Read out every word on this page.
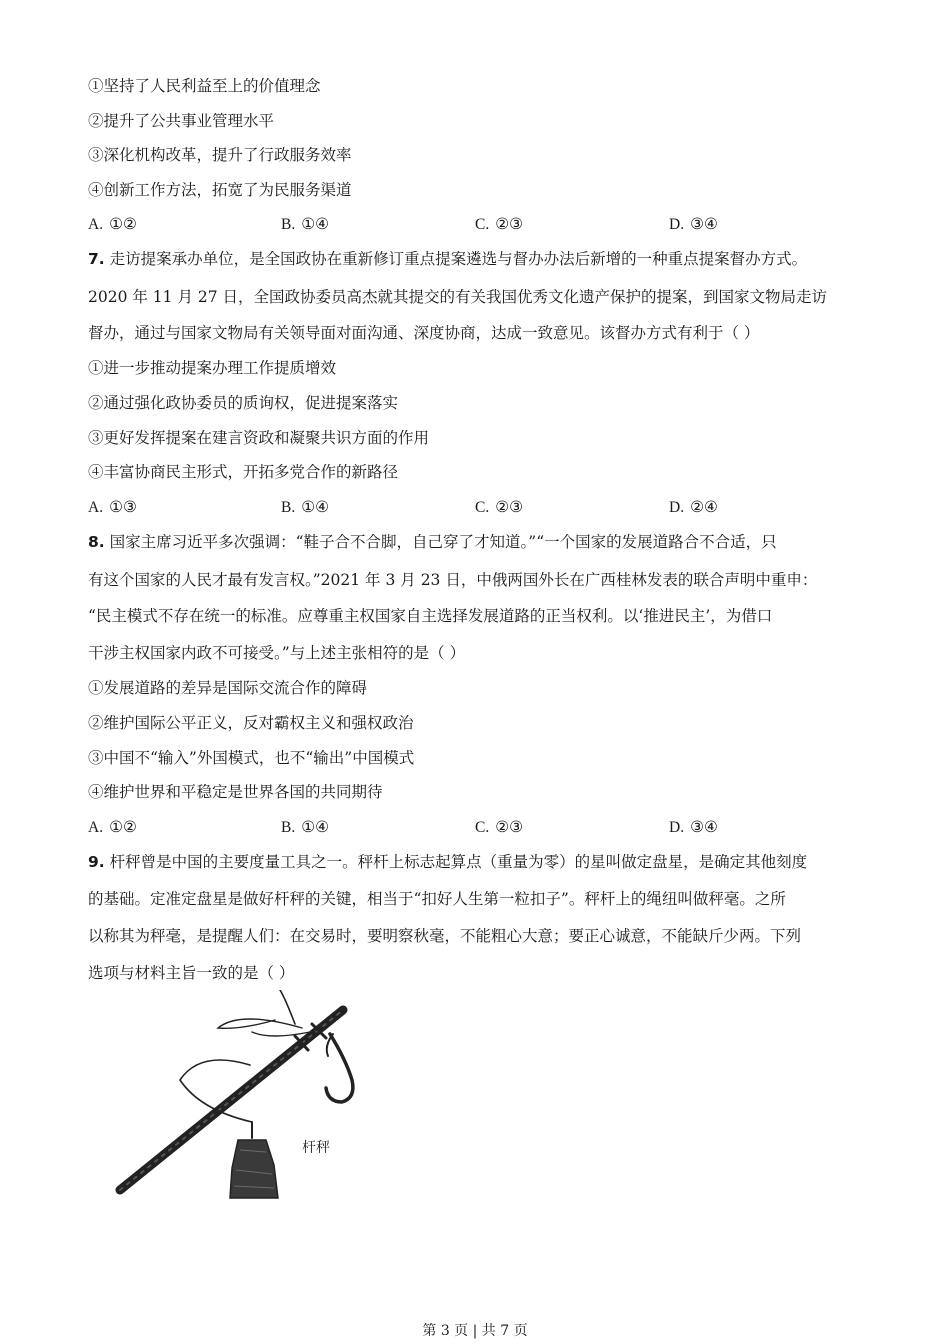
①坚持了人民利益至上的价值理念
②提升了公共事业管理水平
③深化机构改革，提升了行政服务效率
④创新工作方法，拓宽了为民服务渠道
A. ①②	B. ①④	C. ②③	D. ③④
7. 走访提案承办单位，是全国政协在重新修订重点提案遴选与督办办法后新增的一种重点提案督办方式。
2020 年 11 月 27 日，全国政协委员高杰就其提交的有关我国优秀文化遗产保护的提案，到国家文物局走访
督办，通过与国家文物局有关领导面对面沟通、深度协商，达成一致意见。该督办方式有利于（ ）
①进一步推动提案办理工作提质增效
②通过强化政协委员的质询权，促进提案落实
③更好发挥提案在建言资政和凝聚共识方面的作用
④丰富协商民主形式，开拓多党合作的新路径
A. ①③	B. ①④	C. ②③	D. ②④
8. 国家主席习近平多次强调：“鞋子合不合脚，自己穿了才知道。”“一个国家的发展道路合不合适，只
有这个国家的人民才最有发言权。”2021 年 3 月 23 日，中俄两国外长在广西桂林发表的联合声明中重申：
“民主模式不存在统一的标准。应尊重主权国家自主选择发展道路的正当权利。以‘推进民主’，为借口
干涉主权国家内政不可接受。”与上述主张相符的是（ ）
①发展道路的差异是国际交流合作的障碍
②维护国际公平正义，反对霸权主义和强权政治
③中国不“输入”外国模式，也不“输出”中国模式
④维护世界和平稳定是世界各国的共同期待
A. ①②	B. ①④	C. ②③	D. ③④
9. 杆秤曾是中国的主要度量工具之一。秤杆上标志起算点（重量为零）的星叫做定盘星，是确定其他刻度
的基础。定准定盘星是做好杆秤的关键，相当于“扣好人生第一粒扣子”。秤杆上的绳纽叫做秤毫。之所
以称其为秤毫，是提醒人们：在交易时，要明察秋毫，不能粗心大意；要正心诚意，不能缺斤少两。下列
选项与材料主旨一致的是（ ）
杆秤
第 3 页 | 共 7 页
